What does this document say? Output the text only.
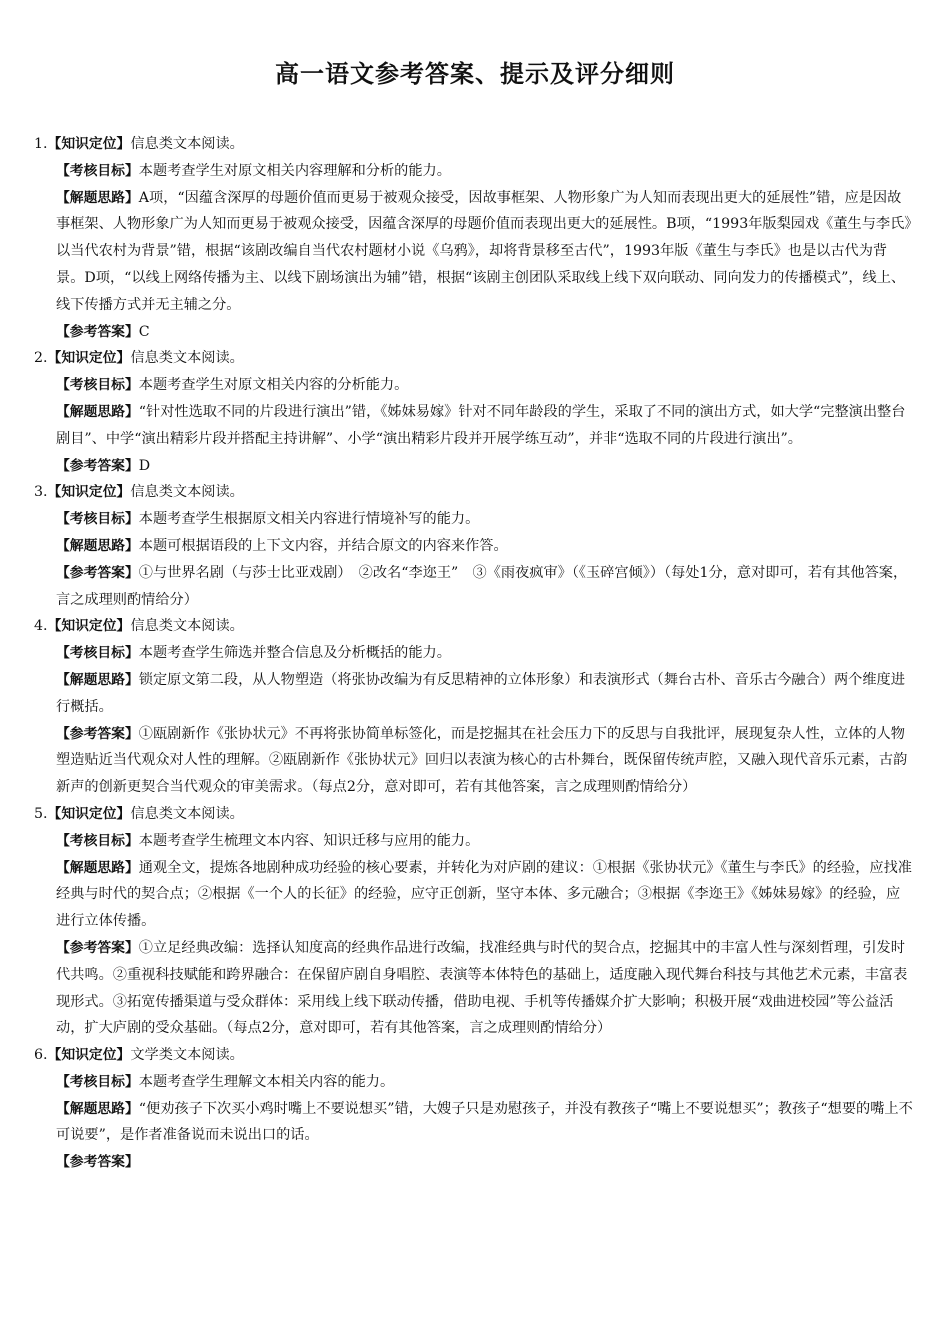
高一语文参考答案、提示及评分细则

1.【知识定位】信息类文本阅读。

【考核目标】本题考查学生对原文相关内容理解和分析的能力。

【解题思路】A项，“因蕴含深厚的母题价值而更易于被观众接受，因故事框架、人物形象广为人知而表现出更大的延展性”错，应是因故事框架、人物形象广为人知而更易于被观众接受，因蕴含深厚的母题价值而表现出更大的延展性。B项，“1993年版梨园戏《董生与李氏》以当代农村为背景”错，根据“该剧改编自当代农村题材小说《乌鸦》，却将背景移至古代”，1993年版《董生与李氏》也是以古代为背景。D项，“以线上网络传播为主、以线下剧场演出为辅”错，根据“该剧主创团队采取线上线下双向联动、同向发力的传播模式”，线上、线下传播方式并无主辅之分。

【参考答案】C

2.【知识定位】信息类文本阅读。

【考核目标】本题考查学生对原文相关内容的分析能力。

【解题思路】“针对性选取不同的片段进行演出”错，《姊妹易嫁》针对不同年龄段的学生，采取了不同的演出方式，如大学“完整演出整台剧目”、中学“演出精彩片段并搭配主持讲解”、小学“演出精彩片段并开展学练互动”，并非“选取不同的片段进行演出”。

【参考答案】D

3.【知识定位】信息类文本阅读。

【考核目标】本题考查学生根据原文相关内容进行情境补写的能力。

【解题思路】本题可根据语段的上下文内容，并结合原文的内容来作答。

【参考答案】①与世界名剧（与莎士比亚戏剧）　②改名“李迩王”　③《雨夜疯审》（《玉碎宫倾》）（每处1分，意对即可，若有其他答案，言之成理则酌情给分）

4.【知识定位】信息类文本阅读。

【考核目标】本题考查学生筛选并整合信息及分析概括的能力。

【解题思路】锁定原文第二段，从人物塑造（将张协改编为有反思精神的立体形象）和表演形式（舞台古朴、音乐古今融合）两个维度进行概括。

【参考答案】①瓯剧新作《张协状元》不再将张协简单标签化，而是挖掘其在社会压力下的反思与自我批评，展现复杂人性，立体的人物塑造贴近当代观众对人性的理解。②瓯剧新作《张协状元》回归以表演为核心的古朴舞台，既保留传统声腔，又融入现代音乐元素，古韵新声的创新更契合当代观众的审美需求。（每点2分，意对即可，若有其他答案，言之成理则酌情给分）

5.【知识定位】信息类文本阅读。

【考核目标】本题考查学生梳理文本内容、知识迁移与应用的能力。

【解题思路】通观全文，提炼各地剧种成功经验的核心要素，并转化为对庐剧的建议：①根据《张协状元》《董生与李氏》的经验，应找准经典与时代的契合点；②根据《一个人的长征》的经验，应守正创新，坚守本体、多元融合；③根据《李迩王》《姊妹易嫁》的经验，应进行立体传播。

【参考答案】①立足经典改编：选择认知度高的经典作品进行改编，找准经典与时代的契合点，挖掘其中的丰富人性与深刻哲理，引发时代共鸣。②重视科技赋能和跨界融合：在保留庐剧自身唱腔、表演等本体特色的基础上，适度融入现代舞台科技与其他艺术元素，丰富表现形式。③拓宽传播渠道与受众群体：采用线上线下联动传播，借助电视、手机等传播媒介扩大影响；积极开展“戏曲进校园”等公益活动，扩大庐剧的受众基础。（每点2分，意对即可，若有其他答案，言之成理则酌情给分）

6.【知识定位】文学类文本阅读。

【考核目标】本题考查学生理解文本相关内容的能力。

【解题思路】“便劝孩子下次买小鸡时嘴上不要说想买”错，大嫂子只是劝慰孩子，并没有教孩子“嘴上不要说想买”；教孩子“想要的嘴上不可说要”，是作者准备说而未说出口的话。

【参考答案】
